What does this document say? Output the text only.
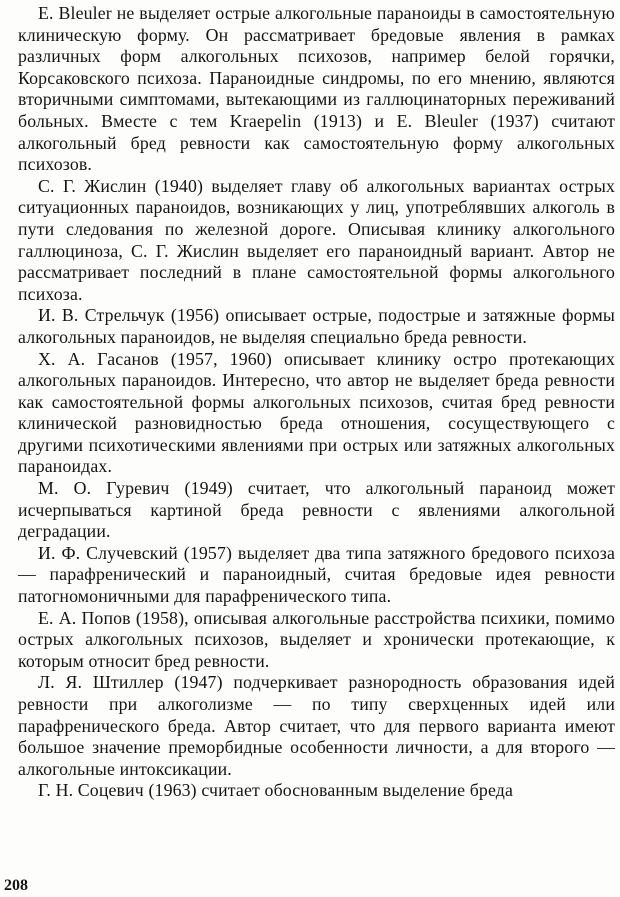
E. Bleuler не выделяет острые алкогольные параноиды в самостоятельную клиническую форму. Он рассматривает бредовые явления в рамках различных форм алкогольных психозов, например белой горячки, Корсаковского психоза. Параноидные синдромы, по его мнению, являются вторичными симптомами, вытекающими из галлюцинаторных переживаний больных. Вместе с тем Kraepelin (1913) и E. Bleuler (1937) считают алкогольный бред ревности как самостоятельную форму алкогольных психозов.

С. Г. Жислин (1940) выделяет главу об алкогольных вариантах острых ситуационных параноидов, возникающих у лиц, употреблявших алкоголь в пути следования по железной дороге. Описывая клинику алкогольного галлюциноза, С. Г. Жислин выделяет его параноидный вариант. Автор не рассматривает последний в плане самостоятельной формы алкогольного психоза.

И. В. Стрельчук (1956) описывает острые, подострые и затяжные формы алкогольных параноидов, не выделяя специально бреда ревности.

Х. А. Гасанов (1957, 1960) описывает клинику остро протекающих алкогольных параноидов. Интересно, что автор не выделяет бреда ревности как самостоятельной формы алкогольных психозов, считая бред ревности клинической разновидностью бреда отношения, сосуществующего с другими психотическими явлениями при острых или затяжных алкогольных параноидах.

М. О. Гуревич (1949) считает, что алкогольный параноид может исчерпываться картиной бреда ревности с явлениями алкогольной деградации.

И. Ф. Случевский (1957) выделяет два типа затяжного бредового психоза — парафренический и параноидный, считая бредовые идея ревности патогномоничными для парафренического типа.

Е. А. Попов (1958), описывая алкогольные расстройства психики, помимо острых алкогольных психозов, выделяет и хронически протекающие, к которым относит бред ревности.

Л. Я. Штиллер (1947) подчеркивает разнородность образования идей ревности при алкоголизме — по типу сверхценных идей или парафренического бреда. Автор считает, что для первого варианта имеют большое значение преморбидные особенности личности, а для второго — алкогольные интоксикации.

Г. Н. Соцевич (1963) считает обоснованным выделение бреда

208
